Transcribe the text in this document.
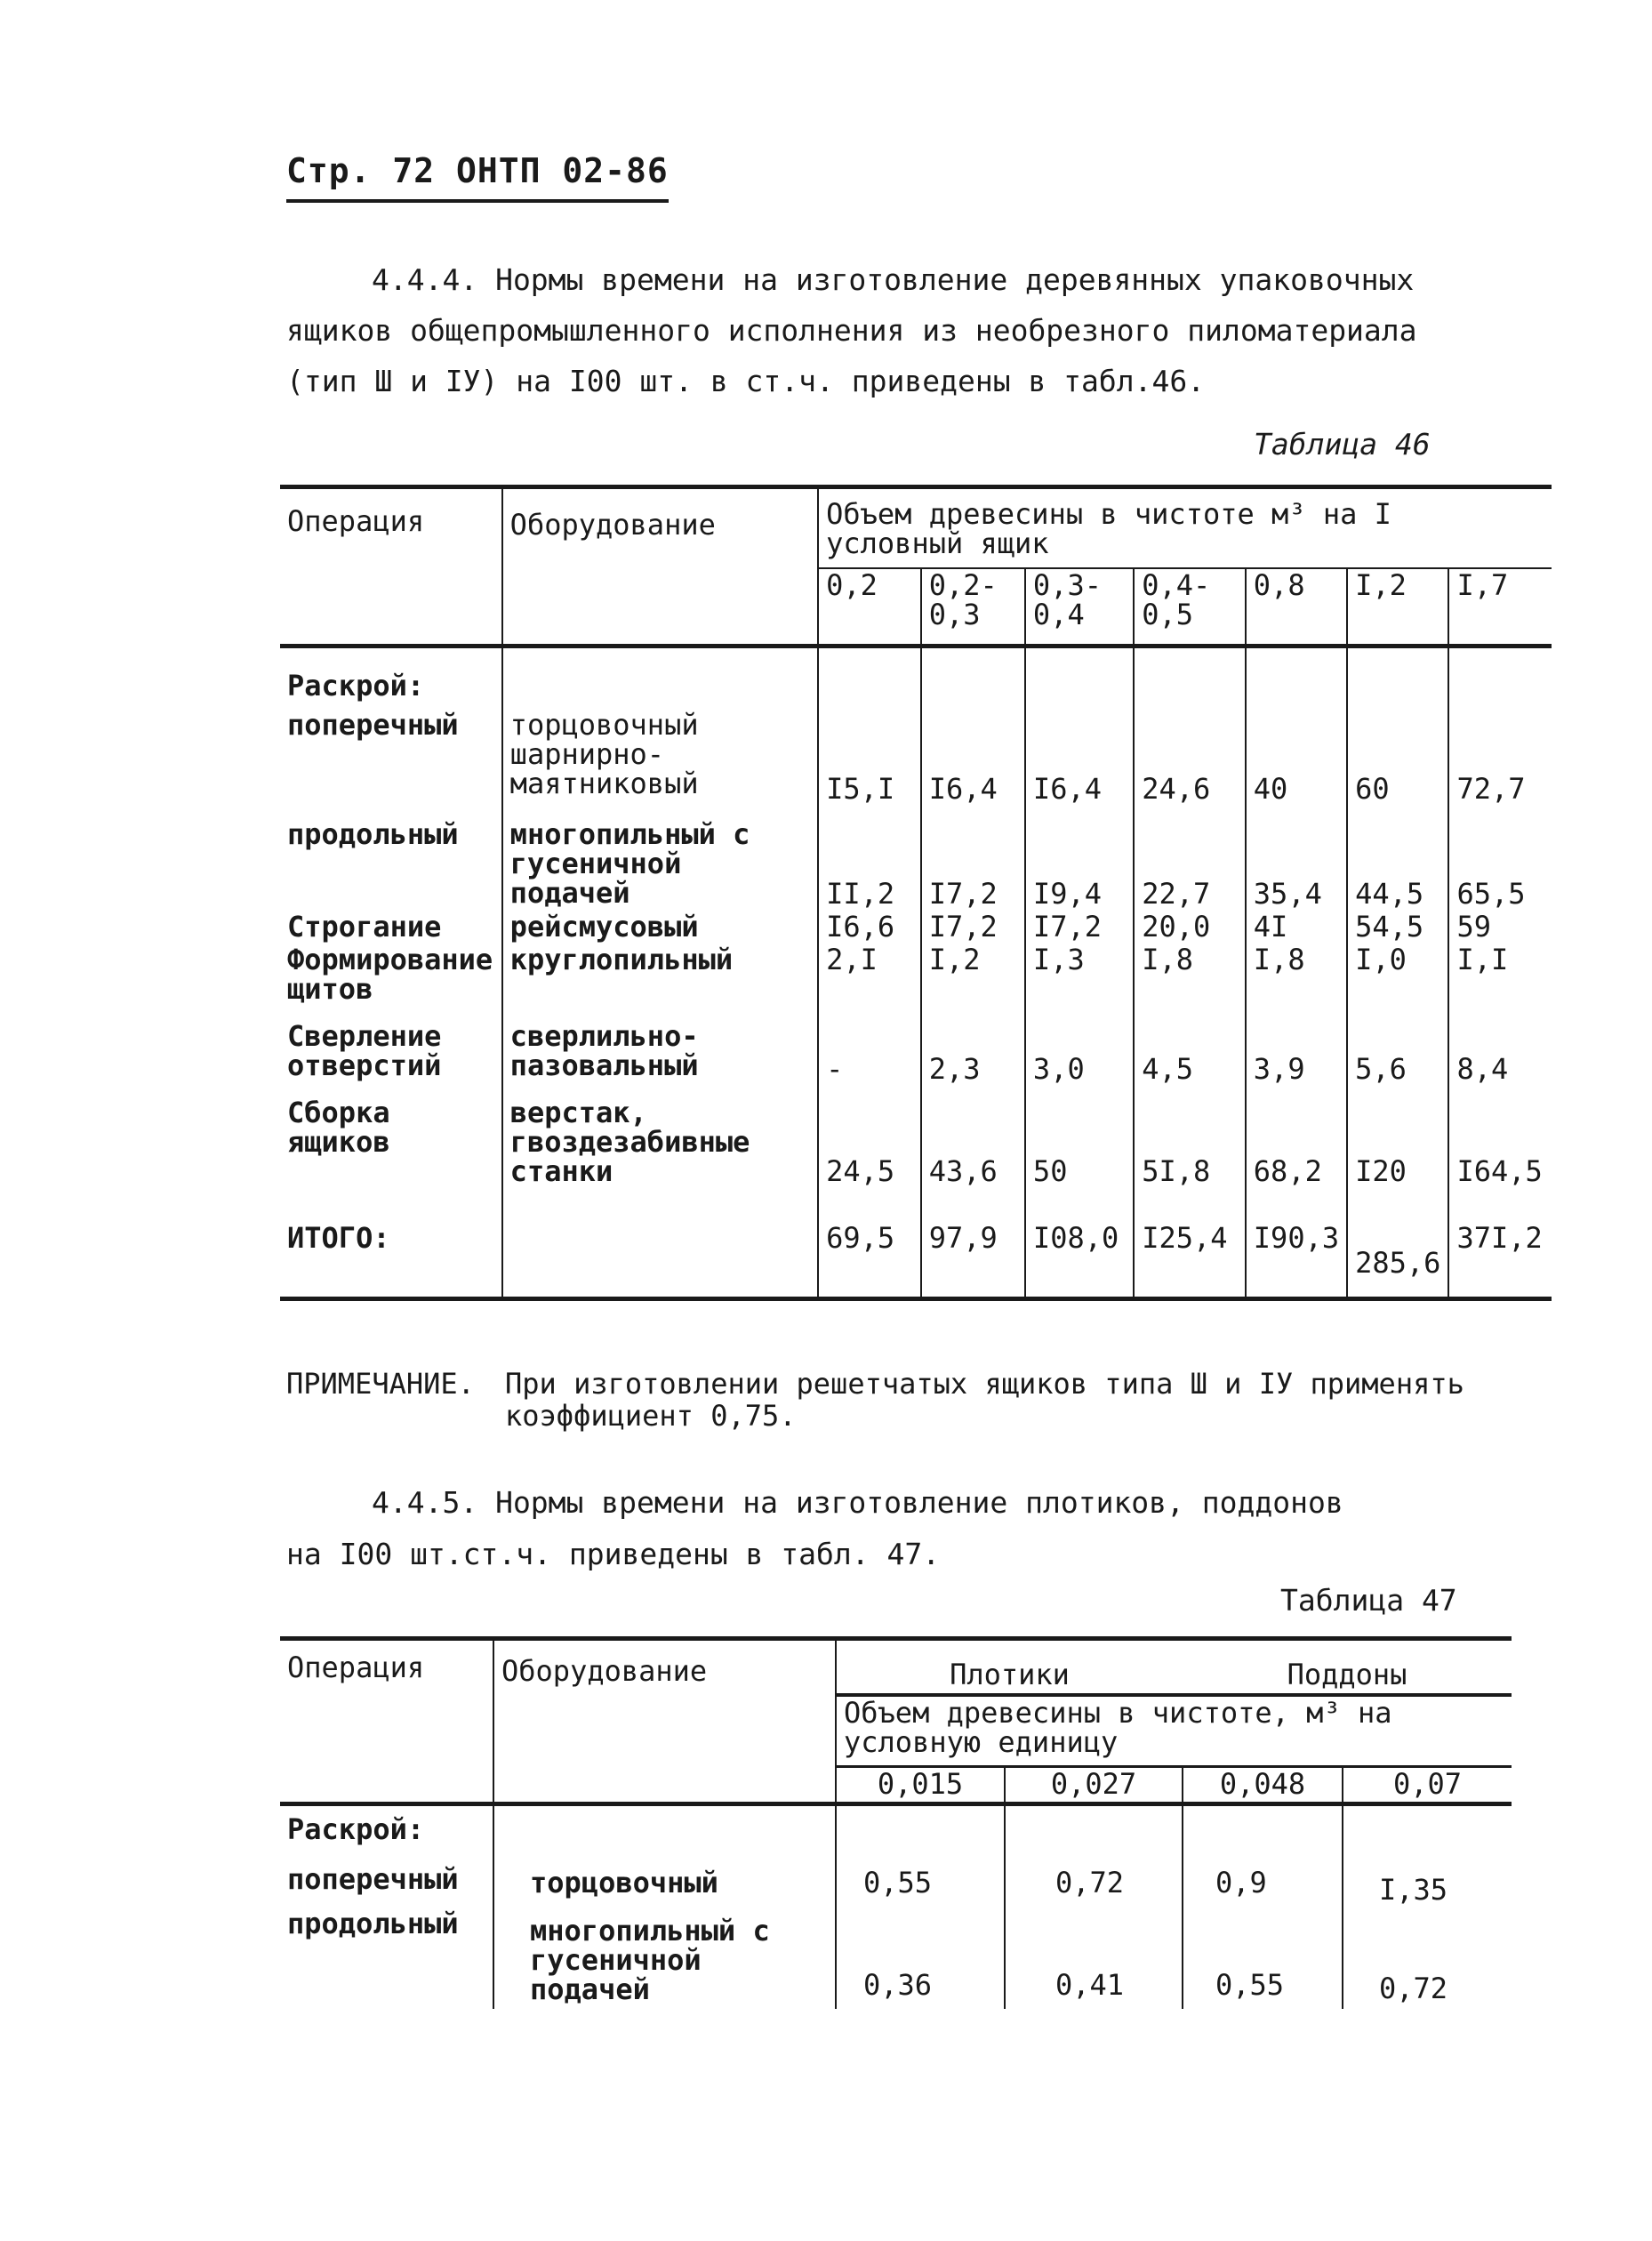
Стр. 72 ОНТП 02-86
4.4.4. Нормы времени на изготовление деревянных упаковочных
ящиков общепромышленного исполнения из необрезного пиломатериала
(тип Ш и IУ) на I00 шт. в ст.ч. приведены в табл.46.
Таблица 46
Операция	Оборудование	Объем древесины в чистоте м³ на I условный ящик						
		0,2	0,2-0,3	0,3-0,4	0,4-0,5	0,8	I,2	I,7
Раскрой:								
поперечный	торцовочный шарнирно-маятниковый	I5,I	I6,4	I6,4	24,6	40	60	72,7
продольный	многопильный с гусеничной подачей	II,2	I7,2	I9,4	22,7	35,4	44,5	65,5
Строгание	рейсмусовый	I6,6	I7,2	I7,2	20,0	4I	54,5	59
Формирование щитов	круглопильный	2,I	I,2	I,3	I,8	I,8	I,0	I,I
Сверление отверстий	сверлильно-пазовальный	-	2,3	3,0	4,5	3,9	5,6	8,4
Сборка ящиков	верстак, гвоздезабивные станки	24,5	43,6	50	5I,8	68,2	I20	I64,5
ИТОГО:		69,5	97,9	I08,0	I25,4	I90,3	285,6	37I,2
ПРИМЕЧАНИЕ. При изготовлении решетчатых ящиков типа Ш и IУ применять
коэффициент 0,75.
4.4.5. Нормы времени на изготовление плотиков, поддонов
на I00 шт.ст.ч. приведены в табл. 47.
Таблица 47
Операция	Оборудование	Плотики		Поддоны	
		Объем древесины в чистоте, м³ на условную единицу			
		0,015	0,027	0,048	0,07
Раскрой:					
поперечный	торцовочный	0,55	0,72	0,9	I,35
продольный	многопильный с гусеничной подачей	0,36	0,41	0,55	0,72
